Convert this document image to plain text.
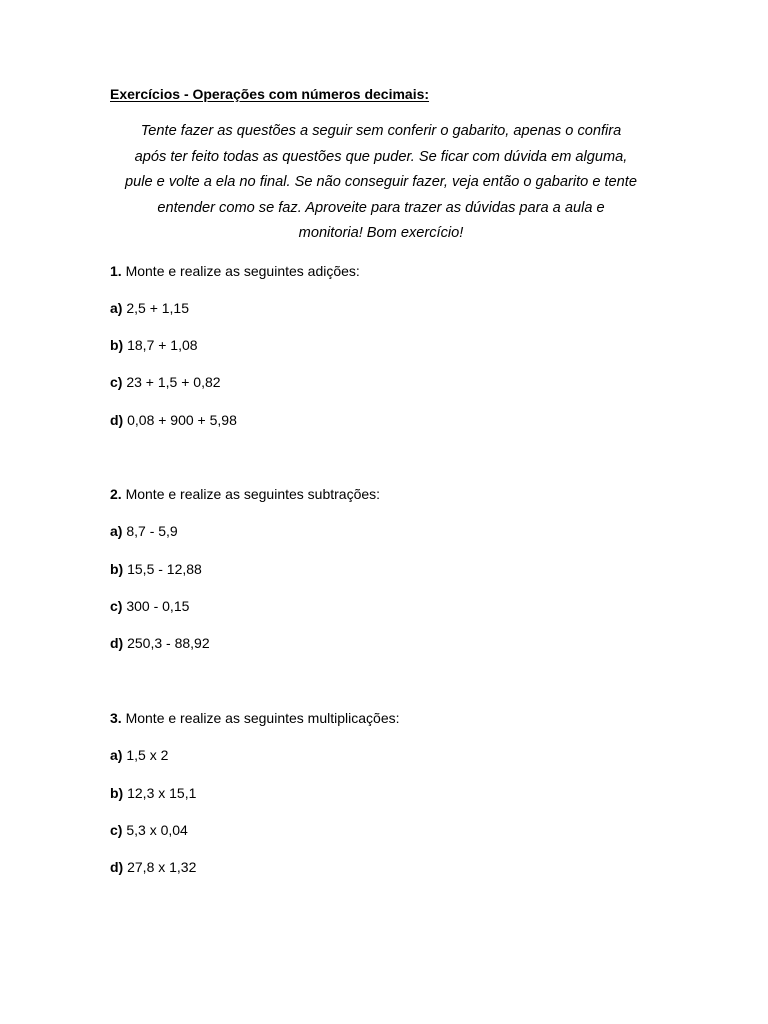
Exercícios - Operações com números decimais:
Tente fazer as questões a seguir sem conferir o gabarito, apenas o confira
após ter feito todas as questões que puder. Se ficar com dúvida em alguma,
pule e volte a ela no final. Se não conseguir fazer, veja então o gabarito e tente
entender como se faz. Aproveite para trazer as dúvidas para a aula e
monitoria! Bom exercício!
1. Monte e realize as seguintes adições:
a) 2,5 + 1,15
b) 18,7 + 1,08
c) 23 + 1,5 + 0,82
d) 0,08 + 900 + 5,98
2. Monte e realize as seguintes subtrações:
a) 8,7 - 5,9
b) 15,5 - 12,88
c) 300 - 0,15
d) 250,3 - 88,92
3. Monte e realize as seguintes multiplicações:
a) 1,5 x 2
b) 12,3 x 15,1
c) 5,3 x 0,04
d) 27,8 x 1,32
